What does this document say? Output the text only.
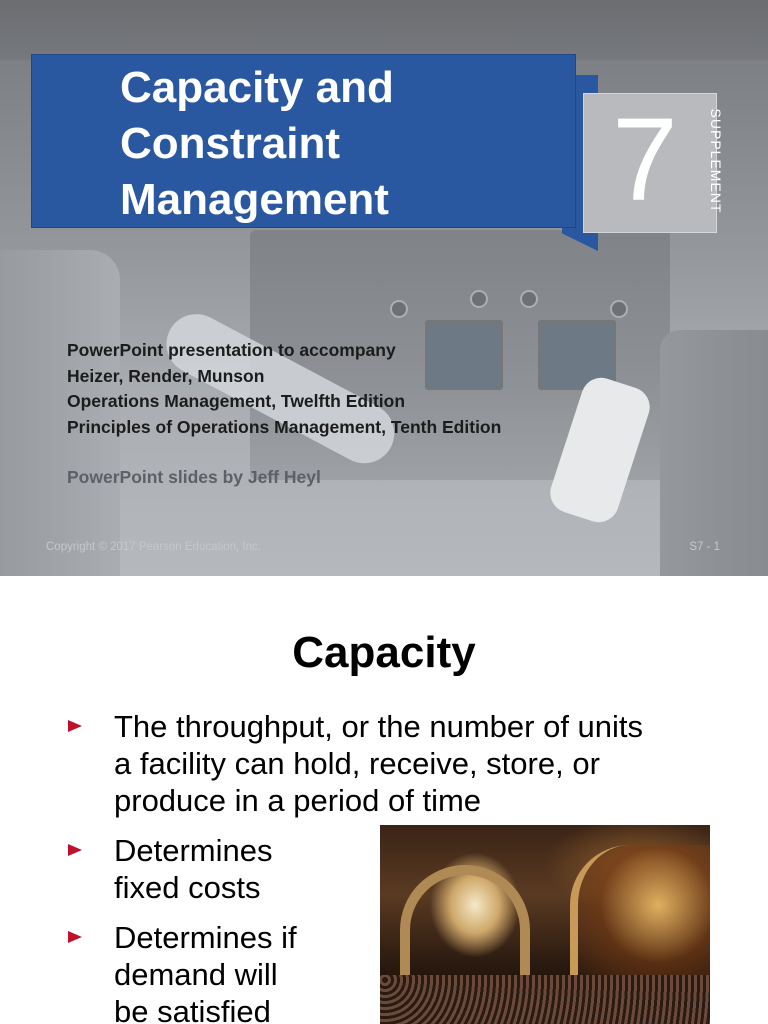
Capacity and
Constraint
Management	7	SUPPLEMENT
PowerPoint presentation to accompany
Heizer, Render, Munson
Operations Management, Twelfth Edition
Principles of Operations Management, Tenth Edition
PowerPoint slides by Jeff Heyl
Copyright © 2017 Pearson Education, Inc.	S7 - 1
Capacity
The throughput, or the number of units
a facility can hold, receive, store, or
produce in a period of time
Determines
fixed costs
Determines if
demand will
be satisfied
